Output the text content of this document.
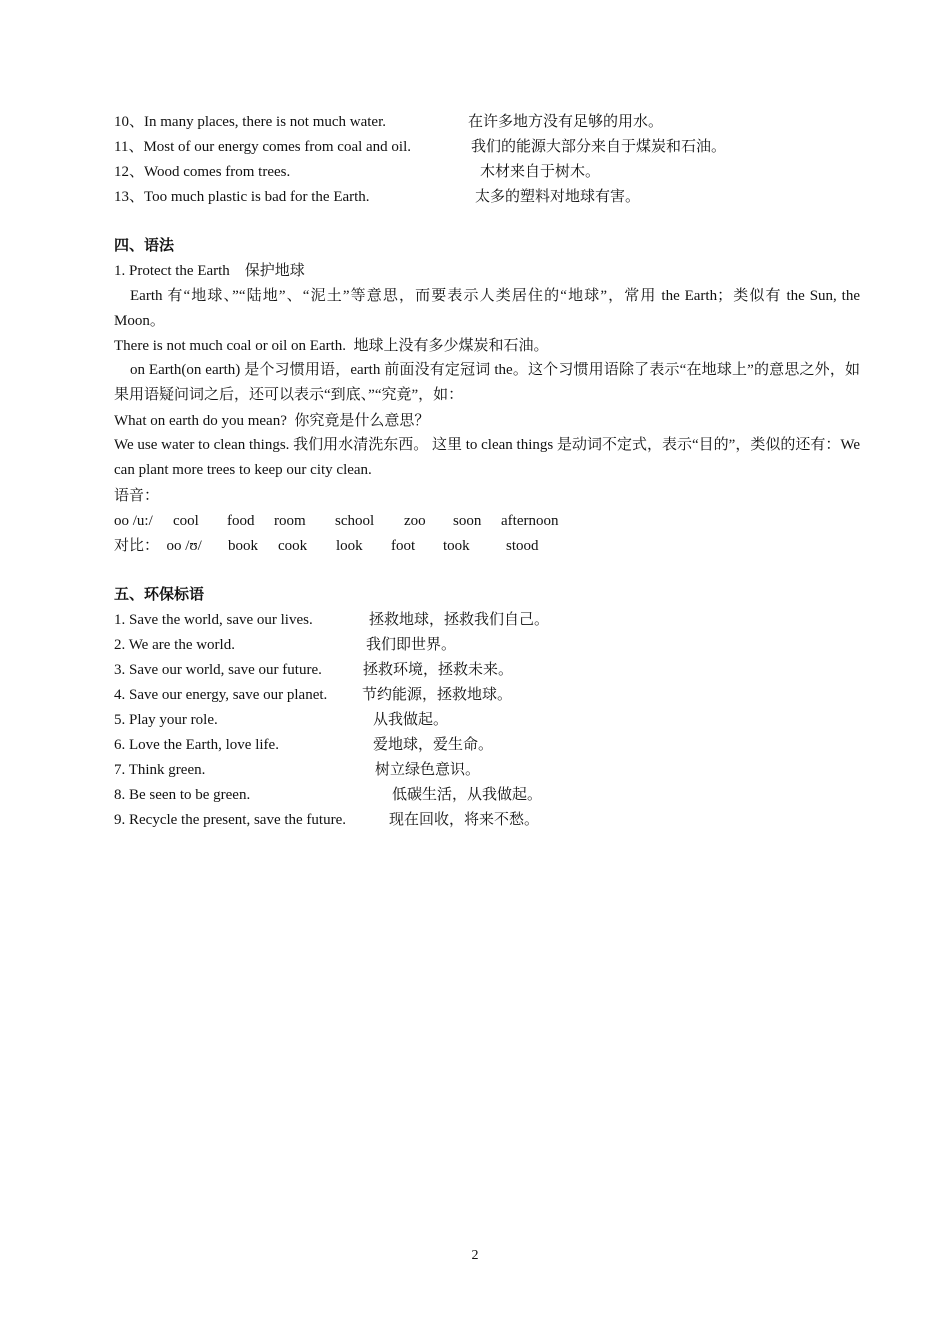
10、In many places, there is not much water.	在许多地方没有足够的用水。
11、Most of our energy comes from coal and oil.	我们的能源大部分来自于煤炭和石油。
12、Wood comes from trees.	木材来自于树木。
13、Too much plastic is bad for the Earth.	太多的塑料对地球有害。
四、语法
1. Protect the Earth    保护地球
Earth 有“地球、”“陆地”、“泥土”等意思，而要表示人类居住的“地球”，常用 the Earth；类似有 the Sun, the Moon。
There is not much coal or oil on Earth.  地球上没有多少煤炭和石油。
on Earth(on earth) 是个习惯用语，earth 前面没有定冠词 the。这个习惯用语除了表示“在地球上”的意思之外，如果用语疑问词之后，还可以表示“到底、”“究竟”，如：
What on earth do you mean?  你究竟是什么意思？
We use water to clean things. 我们用水清洗东西。 这里 to clean things 是动词不定式，表示“目的”，类似的还有：We can plant more trees to keep our city clean.
语音：
oo /u:/ cool food room school zoo soon afternoon
对比：  oo /ʊ/ book cook look foot took stood
五、环保标语
1. Save the world, save our lives.	拯救地球，拯救我们自己。
2. We are the world.	我们即世界。
3. Save our world, save our future.	拯救环境，拯救未来。
4. Save our energy, save our planet. 节约能源，拯救地球。
5. Play your role.	从我做起。
6. Love the Earth, love life.	爱地球，爱生命。
7. Think green.	树立绿色意识。
8. Be seen to be green.	低碳生活，从我做起。
9. Recycle the present, save the future.	现在回收，将来不愁。
2
